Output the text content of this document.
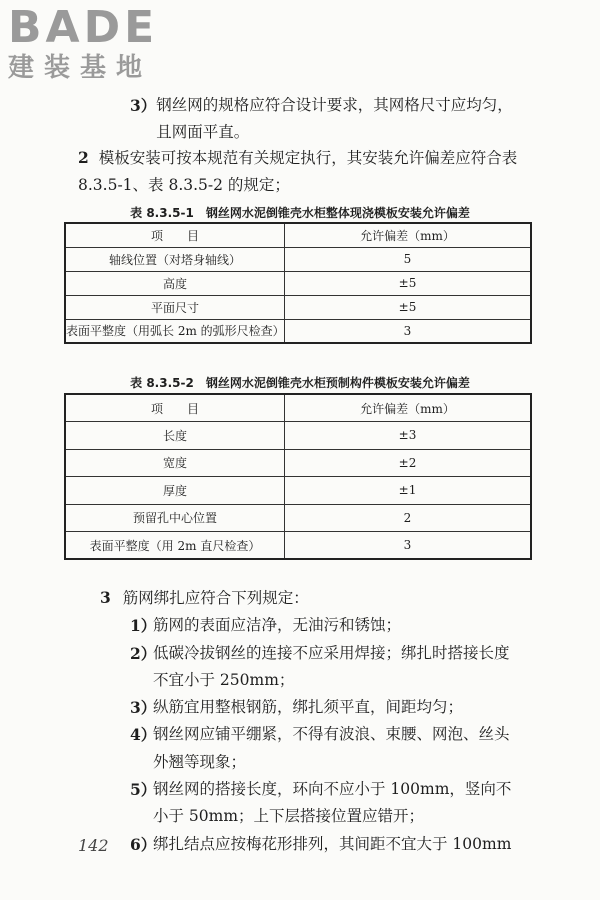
BADE
建装基地
3）钢丝网的规格应符合设计要求，其网格尺寸应均匀，且网面平直。
2 模板安装可按本规范有关规定执行，其安装允许偏差应符合表 8.3.5-1、表 8.3.5-2 的规定；
表 8.3.5-1　钢丝网水泥倒锥壳水柜整体现浇模板安装允许偏差
项　　目	允许偏差（mm）
轴线位置（对塔身轴线）	5
高度	±5
平面尺寸	±5
表面平整度（用弧长 2m 的弧形尺检查）	3
表 8.3.5-2　钢丝网水泥倒锥壳水柜预制构件模板安装允许偏差
项　　目	允许偏差（mm）
长度	±3
宽度	±2
厚度	±1
预留孔中心位置	2
表面平整度（用 2m 直尺检查）	3
3 筋网绑扎应符合下列规定：
1）
筋网的表面应洁净，无油污和锈蚀；
2）
低碳冷拔钢丝的连接不应采用焊接；绑扎时搭接长度不宜小于 250mm；
3）
纵筋宜用整根钢筋，绑扎须平直，间距均匀；
4）
钢丝网应铺平绷紧，不得有波浪、束腰、网泡、丝头外翘等现象；
5）
钢丝网的搭接长度，环向不应小于 100mm，竖向不小于 50mm；上下层搭接位置应错开；
6）
绑扎结点应按梅花形排列，其间距不宜大于 100mm
142
